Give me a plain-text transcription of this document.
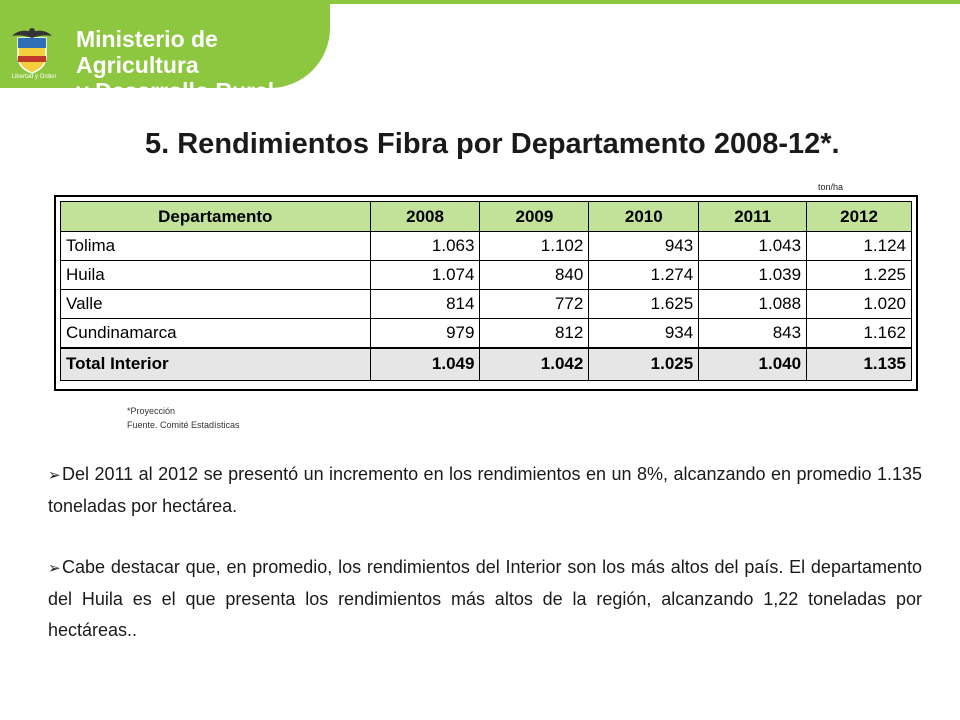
Libertad y Orden
Ministerio de Agricultura
y Desarrollo Rural
5. Rendimientos Fibra por Departamento 2008-12*.
ton/ha
Departamento	2008	2009	2010	2011	2012
Tolima	1.063	1.102	943	1.043	1.124
Huila	1.074	840	1.274	1.039	1.225
Valle	814	772	1.625	1.088	1.020
Cundinamarca	979	812	934	843	1.162
Total Interior	1.049	1.042	1.025	1.040	1.135
*Proyección
Fuente. Comité Estadísticas
➢Del 2011 al 2012 se presentó un incremento en los rendimientos en un 8%, alcanzando en promedio 1.135 toneladas por hectárea.
➢Cabe destacar que, en promedio, los rendimientos del Interior son los más altos del país. El departamento del Huila es el que presenta los rendimientos más altos de la región, alcanzando 1,22 toneladas por hectáreas..
